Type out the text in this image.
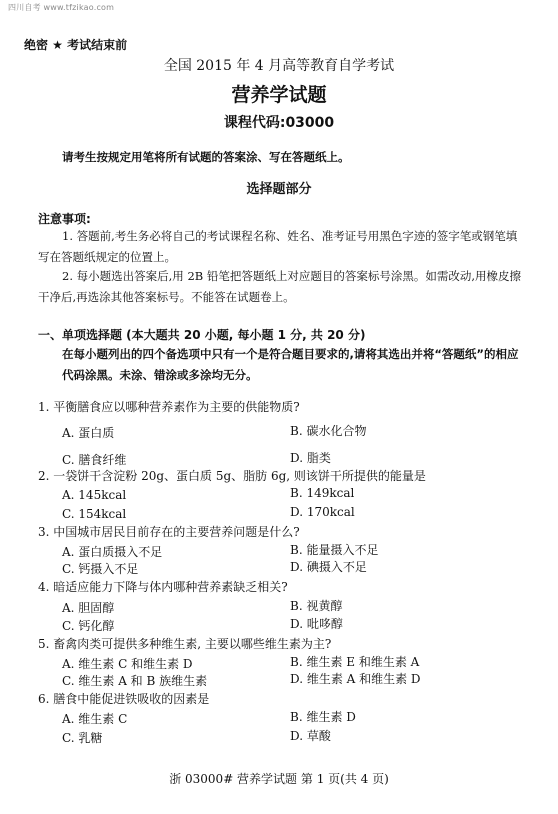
四川自考 www.tfzikao.com
绝密 ★ 考试结束前
全国 2015 年 4 月高等教育自学考试
营养学试题
课程代码:03000
请考生按规定用笔将所有试题的答案涂、写在答题纸上。
选择题部分
注意事项:
1. 答题前,考生务必将自己的考试课程名称、姓名、准考证号用黑色字迹的签字笔或钢笔填写在答题纸规定的位置上。
2. 每小题选出答案后,用 2B 铅笔把答题纸上对应题目的答案标号涂黑。如需改动,用橡皮擦干净后,再选涂其他答案标号。不能答在试题卷上。
一、单项选择题 (本大题共 20 小题, 每小题 1 分, 共 20 分)
在每小题列出的四个备选项中只有一个是符合题目要求的,请将其选出并将“答题纸”的相应代码涂黑。未涂、错涂或多涂均无分。
1. 平衡膳食应以哪种营养素作为主要的供能物质?
A. 蛋白质	B. 碳水化合物
C. 膳食纤维	D. 脂类
2. 一袋饼干含淀粉 20g、蛋白质 5g、脂肪 6g, 则该饼干所提供的能量是
A. 145kcal	B. 149kcal
C. 154kcal	D. 170kcal
3. 中国城市居民目前存在的主要营养问题是什么?
A. 蛋白质摄入不足	B. 能量摄入不足
C. 钙摄入不足	D. 碘摄入不足
4. 暗适应能力下降与体内哪种营养素缺乏相关?
A. 胆固醇	B. 视黄醇
C. 钙化醇	D. 吡哆醇
5. 畜禽肉类可提供多种维生素, 主要以哪些维生素为主?
A. 维生素 C 和维生素 D	B. 维生素 E 和维生素 A
C. 维生素 A 和 B 族维生素	D. 维生素 A 和维生素 D
6. 膳食中能促进铁吸收的因素是
A. 维生素 C	B. 维生素 D
C. 乳糖	D. 草酸
浙 03000# 营养学试题 第 1 页(共 4 页)
